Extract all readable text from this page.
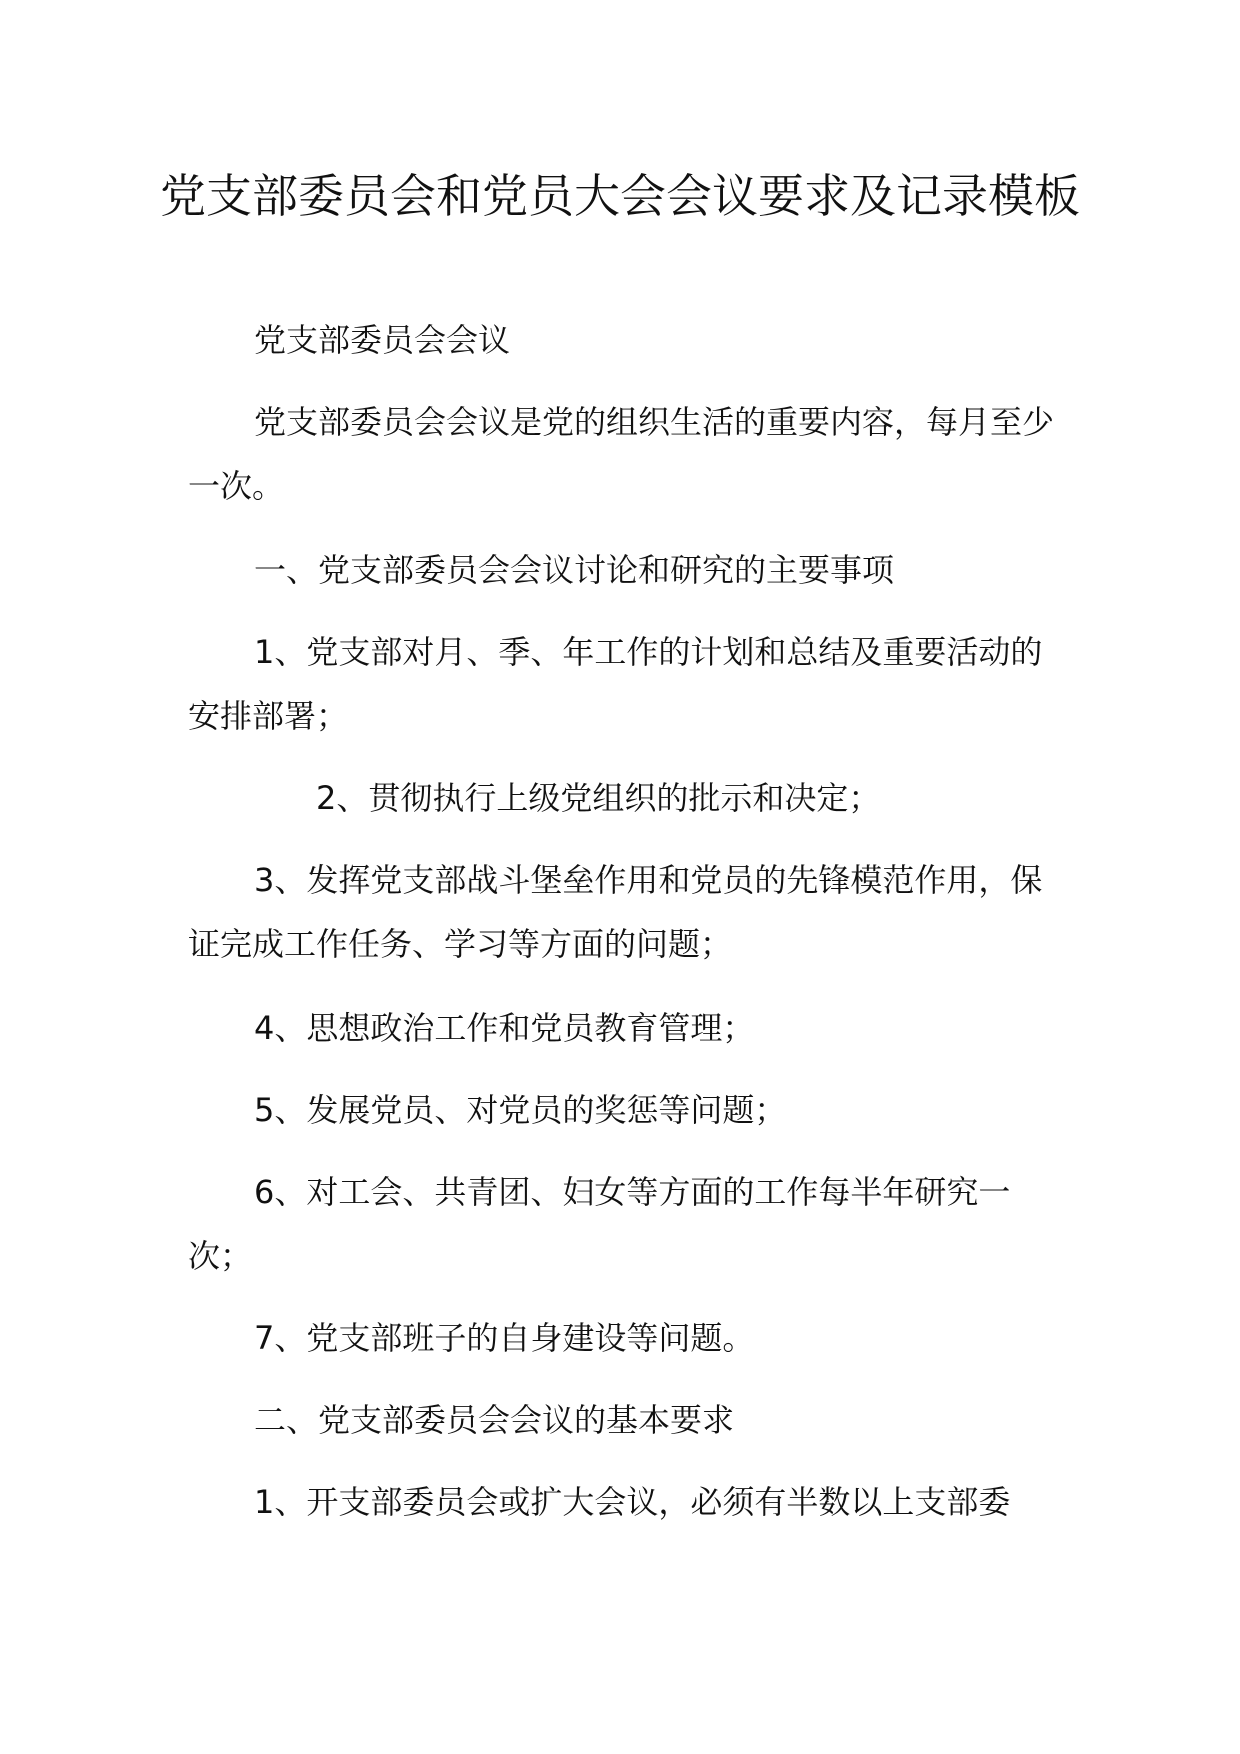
党支部委员会和党员大会会议要求及记录模板

党支部委员会会议

党支部委员会会议是党的组织生活的重要内容，每月至少一次。

一、党支部委员会会议讨论和研究的主要事项

1、党支部对月、季、年工作的计划和总结及重要活动的安排部署；

2、贯彻执行上级党组织的批示和决定；

3、发挥党支部战斗堡垒作用和党员的先锋模范作用，保证完成工作任务、学习等方面的问题；

4、思想政治工作和党员教育管理；

5、发展党员、对党员的奖惩等问题；

6、对工会、共青团、妇女等方面的工作每半年研究一次；

7、党支部班子的自身建设等问题。

二、党支部委员会会议的基本要求

1、开支部委员会或扩大会议，必须有半数以上支部委
